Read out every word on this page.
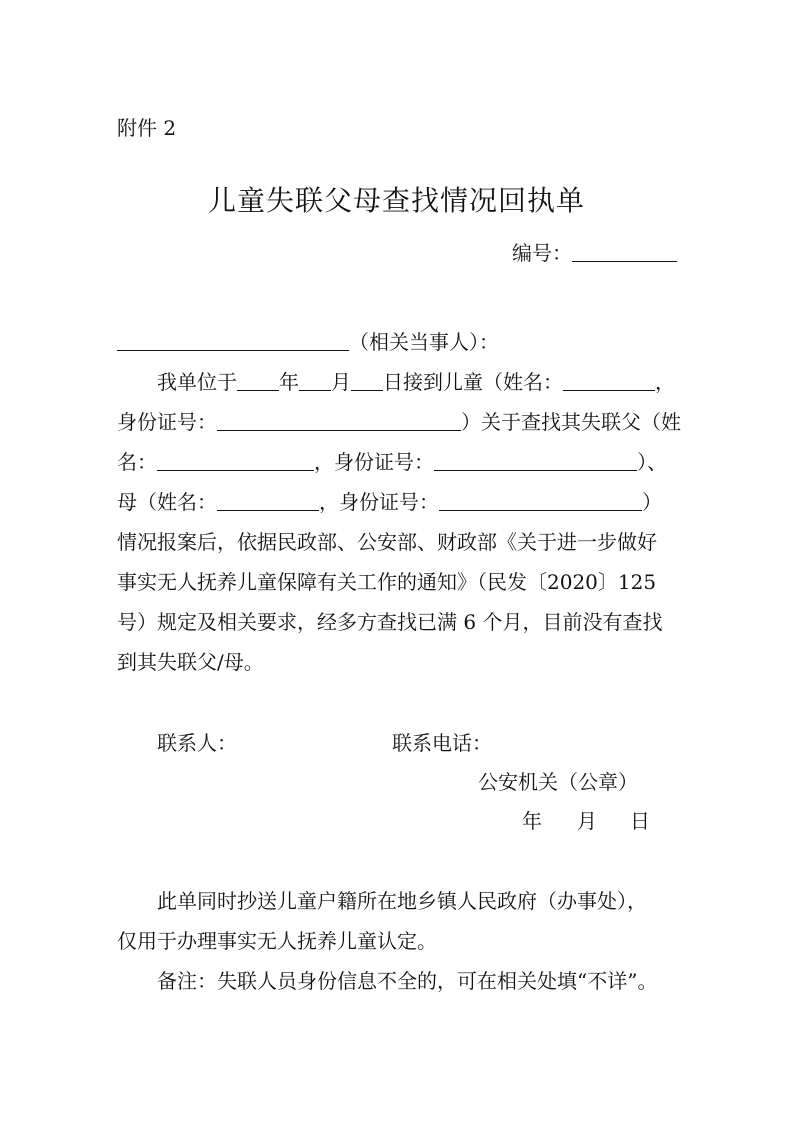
附件 2
儿童失联父母查找情况回执单
编号：
（相关当事人）：
我单位于 年 月 日接到儿童（姓名：	，
身份证号：	）关于查找其失联父（姓
名：	，身份证号：	）、
母（姓名：	，身份证号：	）
情况报案后，依据民政部、公安部、财政部《关于进一步做好
事实无人抚养儿童保障有关工作的通知》（民发〔2020〕125
号）规定及相关要求，经多方查找已满 6 个月，目前没有查找
到其失联父/母。
联系人：	联系电话：
公安机关（公章）
年 月 日
此单同时抄送儿童户籍所在地乡镇人民政府（办事处），
仅用于办理事实无人抚养儿童认定。
备注：失联人员身份信息不全的，可在相关处填“不详”。
